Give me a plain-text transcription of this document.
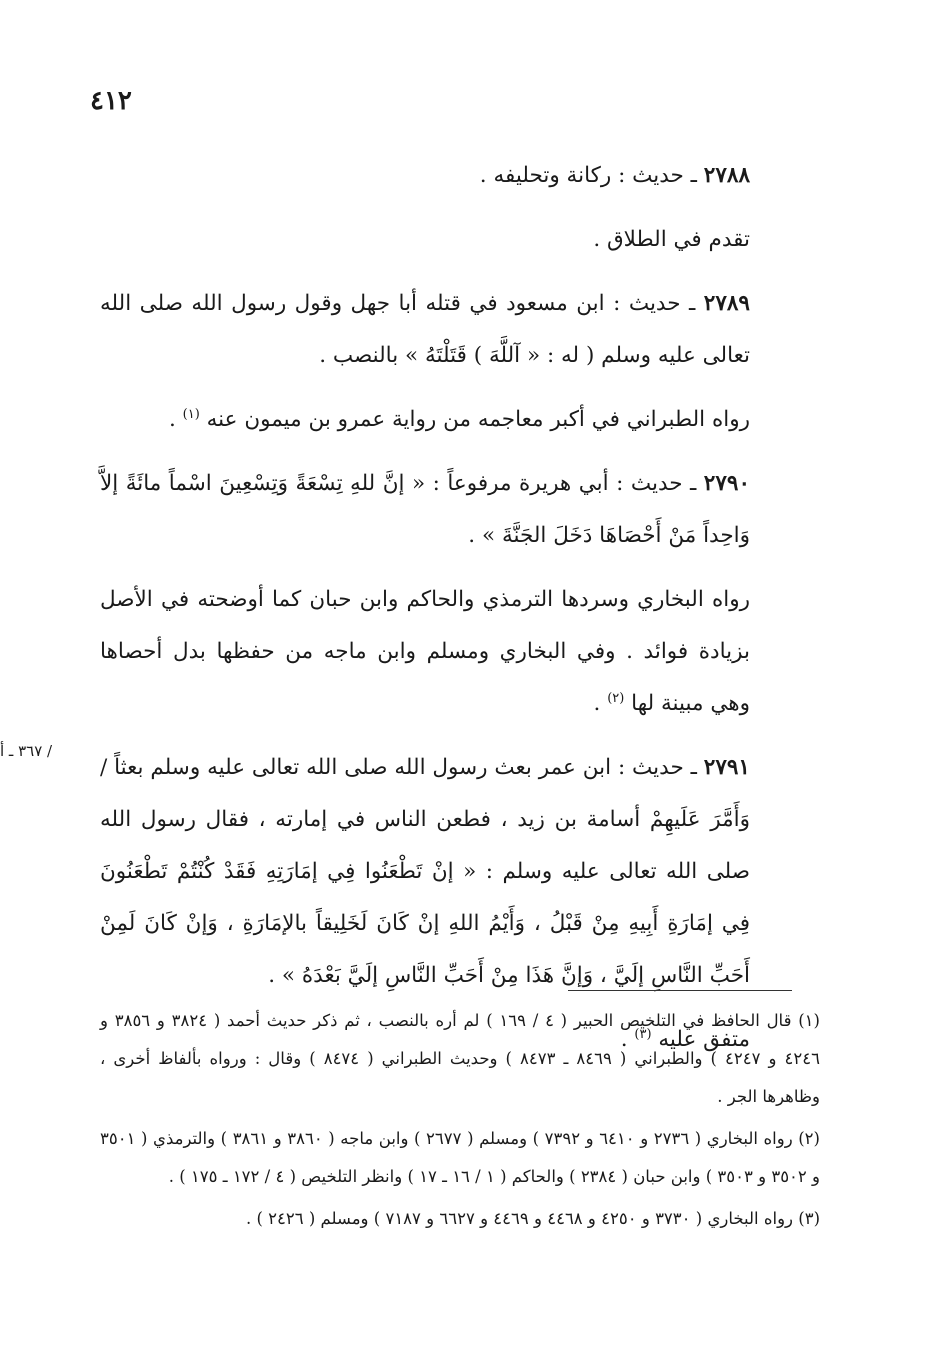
٤١٢

٢٧٨٨ ـ حديث : ركانة وتحليفه .

تقدم في الطلاق .

٢٧٨٩ ـ حديث : ابن مسعود في قتله أبا جهل وقول رسول الله صلى الله تعالى عليه وسلم ( له : « آللَّهَ ) قَتَلْتَهُ » بالنصب .

رواه الطبراني في أكبر معاجمه من رواية عمرو بن ميمون عنه $^{(١)}$ .

٢٧٩٠ ـ حديث : أبي هريرة مرفوعاً : « إنَّ للهِ تِسْعَةً وَتِسْعِينَ اسْماً مائَةً إلاَّ وَاحِداً مَنْ أَحْصَاهَا دَخَلَ الجَنَّةَ » .

رواه البخاري وسردها الترمذي والحاكم وابن حبان كما أوضحته في الأصل بزيادة فوائد . وفي البخاري ومسلم وابن ماجه من حفظها بدل أحصاها وهي مبينة لها $^{(٢)}$ .

٢٧٩١ ـ حديث : ابن عمر بعث رسول الله صلى الله تعالى عليه وسلم بعثاً / وَأَمَّرَ عَلَيهِمْ أسامة بن زيد ، فطعن الناس في إمارته ، فقال رسول الله صلى الله تعالى عليه وسلم : « إنْ تَطْعَنُوا فِي إمَارَتِهِ فَقَدْ كُنْتُمْ تَطْعَنُونَ فِي إمَارَةِ أَبِيهِ مِنْ قَبْلُ ، وَأَيْمُ اللهِ إنْ كَانَ لَخَلِيقاً بالإمَارَةِ ، وَإنْ كَانَ لَمِنْ أَحَبِّ النَّاسِ إلَيَّ ، وَإنَّ هَذَا مِنْ أَحَبِّ النَّاسِ إلَيَّ بَعْدَهُ » .

متفق عليه $^{(٣)}$ .

/ ٣٦٧ ـ أ

(١) قال الحافظ في التلخيص الحبير ( ٤ / ١٦٩ ) لم أره بالنصب ، ثم ذكر حديث أحمد ( ٣٨٢٤ و ٣٨٥٦ و ٤٢٤٦ و ٤٢٤٧ ) والطبراني ( ٨٤٦٩ ـ ٨٤٧٣ ) وحديث الطبراني ( ٨٤٧٤ ) وقال : ورواه بألفاظ أخرى ، وظاهرها الجر .

(٢) رواه البخاري ( ٢٧٣٦ و ٦٤١٠ و ٧٣٩٢ ) ومسلم ( ٢٦٧٧ ) وابن ماجه ( ٣٨٦٠ و ٣٨٦١ ) والترمذي ( ٣٥٠١ و ٣٥٠٢ و ٣٥٠٣ ) وابن حبان ( ٢٣٨٤ ) والحاكم ( ١ / ١٦ ـ ١٧ ) وانظر التلخيص ( ٤ / ١٧٢ ـ ١٧٥ ) .

(٣) رواه البخاري ( ٣٧٣٠ و ٤٢٥٠ و ٤٤٦٨ و ٤٤٦٩ و ٦٦٢٧ و ٧١٨٧ ) ومسلم ( ٢٤٢٦ ) .
